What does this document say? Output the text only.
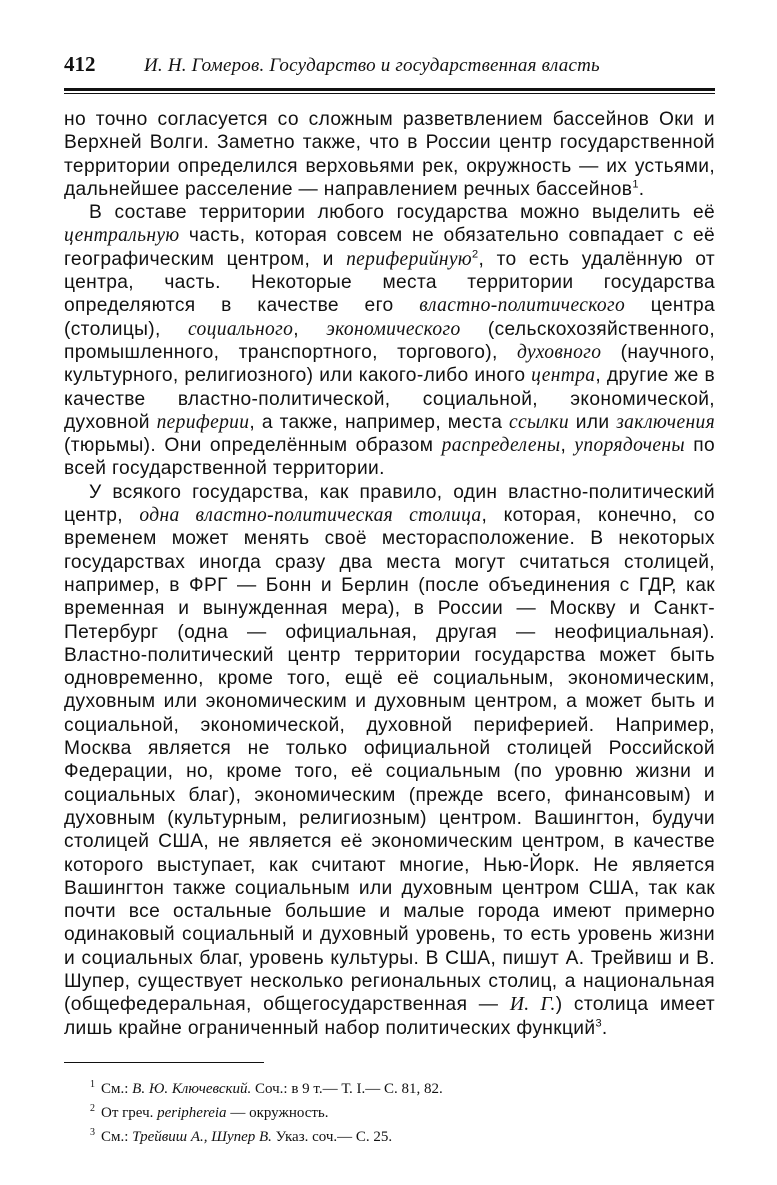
412	И. Н. Гомеров. Государство и государственная власть

но точно согласуется со сложным разветвлением бассейнов Оки и Верхней Волги. Заметно также, что в России центр государственной территории определился верховьями рек, окружность — их устьями, дальнейшее расселение — направлением речных бассейнов$^1$.

В составе территории любого государства можно выделить её центральную часть, которая совсем не обязательно совпадает с её географическим центром, и периферийную$^2$, то есть удалённую от центра, часть. Некоторые места территории государства определяются в качестве его властно-политического центра (столицы), социального, экономического (сельскохозяйственного, промышленного, транспортного, торгового), духовного (научного, культурного, религиозного) или какого-либо иного центра, другие же в качестве властно-политической, социальной, экономической, духовной периферии, а также, например, места ссылки или заключения (тюрьмы). Они определённым образом распределены, упорядочены по всей государственной территории.

У всякого государства, как правило, один властно-политический центр, одна властно-политическая столица, которая, конечно, со временем может менять своё месторасположение. В некоторых государствах иногда сразу два места могут считаться столицей, например, в ФРГ — Бонн и Берлин (после объединения с ГДР, как временная и вынужденная мера), в России — Москву и Санкт-Петербург (одна — официальная, другая — неофициальная). Властно-политический центр территории государства может быть одновременно, кроме того, ещё её социальным, экономическим, духовным или экономическим и духовным центром, а может быть и социальной, экономической, духовной периферией. Например, Москва является не только официальной столицей Российской Федерации, но, кроме того, её социальным (по уровню жизни и социальных благ), экономическим (прежде всего, финансовым) и духовным (культурным, религиозным) центром. Вашингтон, будучи столицей США, не является её экономическим центром, в качестве которого выступает, как считают многие, Нью-Йорк. Не является Вашингтон также социальным или духовным центром США, так как почти все остальные большие и малые города имеют примерно одинаковый социальный и духовный уровень, то есть уровень жизни и социальных благ, уровень культуры. В США, пишут А. Трейвиш и В. Шупер, существует несколько региональных столиц, а национальная (общефедеральная, общегосударственная — И. Г.) столица имеет лишь крайне ограниченный набор политических функций$^3$.

$^1$ См.: В. Ю. Ключевский. Соч.: в 9 т.— Т. I.— С. 81, 82.
$^2$ От греч. periphereia — окружность.
$^3$ См.: Трейвиш А., Шупер В. Указ. соч.— С. 25.
